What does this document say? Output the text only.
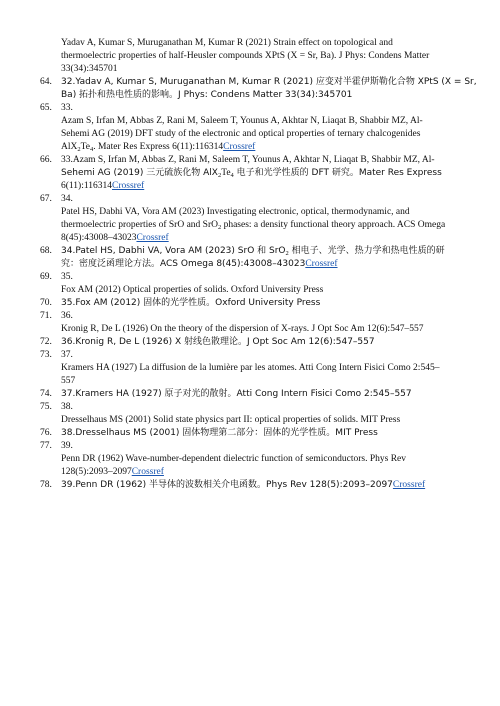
Yadav A, Kumar S, Muruganathan M, Kumar R (2021) Strain effect on topological and
thermoelectric properties of half-Heusler compounds XPtS (X = Sr, Ba). J Phys: Condens Matter
33(34):345701
64. 32.Yadav A, Kumar S, Muruganathan M, Kumar R (2021) 应变对半霍伊斯勒化合物 XPtS (X = Sr,
Ba) 拓扑和热电性质的影响。J Phys: Condens Matter 33(34):345701
65. 33.
Azam S, Irfan M, Abbas Z, Rani M, Saleem T, Younus A, Akhtar N, Liaqat B, Shabbir MZ, Al-
Sehemi AG (2019) DFT study of the electronic and optical properties of ternary chalcogenides
$AlX_2Te_4$. Mater Res Express 6(11):116314Crossref
66. 33.Azam S, Irfan M, Abbas Z, Rani M, Saleem T, Younus A, Akhtar N, Liaqat B, Shabbir MZ, Al-
Sehemi AG (2019) 三元硫族化物 $AlX_2Te_4$ 电子和光学性质的 DFT 研究。Mater Res Express
6(11):116314Crossref
67. 34.
Patel HS, Dabhi VA, Vora AM (2023) Investigating electronic, optical, thermodynamic, and
thermoelectric properties of SrO and SrO$_2$ phases: a density functional theory approach. ACS Omega
8(45):43008–43023Crossref
68. 34.Patel HS, Dabhi VA, Vora AM (2023) SrO 和 SrO$_2$ 相电子、光学、热力学和热电性质的研
究：密度泛函理论方法。ACS Omega 8(45):43008–43023Crossref
69. 35.
Fox AM (2012) Optical properties of solids. Oxford University Press
70. 35.Fox AM (2012) 固体的光学性质。Oxford University Press
71. 36.
Kronig R, De L (1926) On the theory of the dispersion of X-rays. J Opt Soc Am 12(6):547–557
72. 36.Kronig R, De L (1926) X 射线色散理论。J Opt Soc Am 12(6):547–557
73. 37.
Kramers HA (1927) La diffusion de la lumière par les atomes. Atti Cong Intern Fisici Como 2:545–
557
74. 37.Kramers HA (1927) 原子对光的散射。Atti Cong Intern Fisici Como 2:545–557
75. 38.
Dresselhaus MS (2001) Solid state physics part II: optical properties of solids. MIT Press
76. 38.Dresselhaus MS (2001) 固体物理第二部分：固体的光学性质。MIT Press
77. 39.
Penn DR (1962) Wave-number-dependent dielectric function of semiconductors. Phys Rev
128(5):2093–2097Crossref
78. 39.Penn DR (1962) 半导体的波数相关介电函数。Phys Rev 128(5):2093–2097Crossref
